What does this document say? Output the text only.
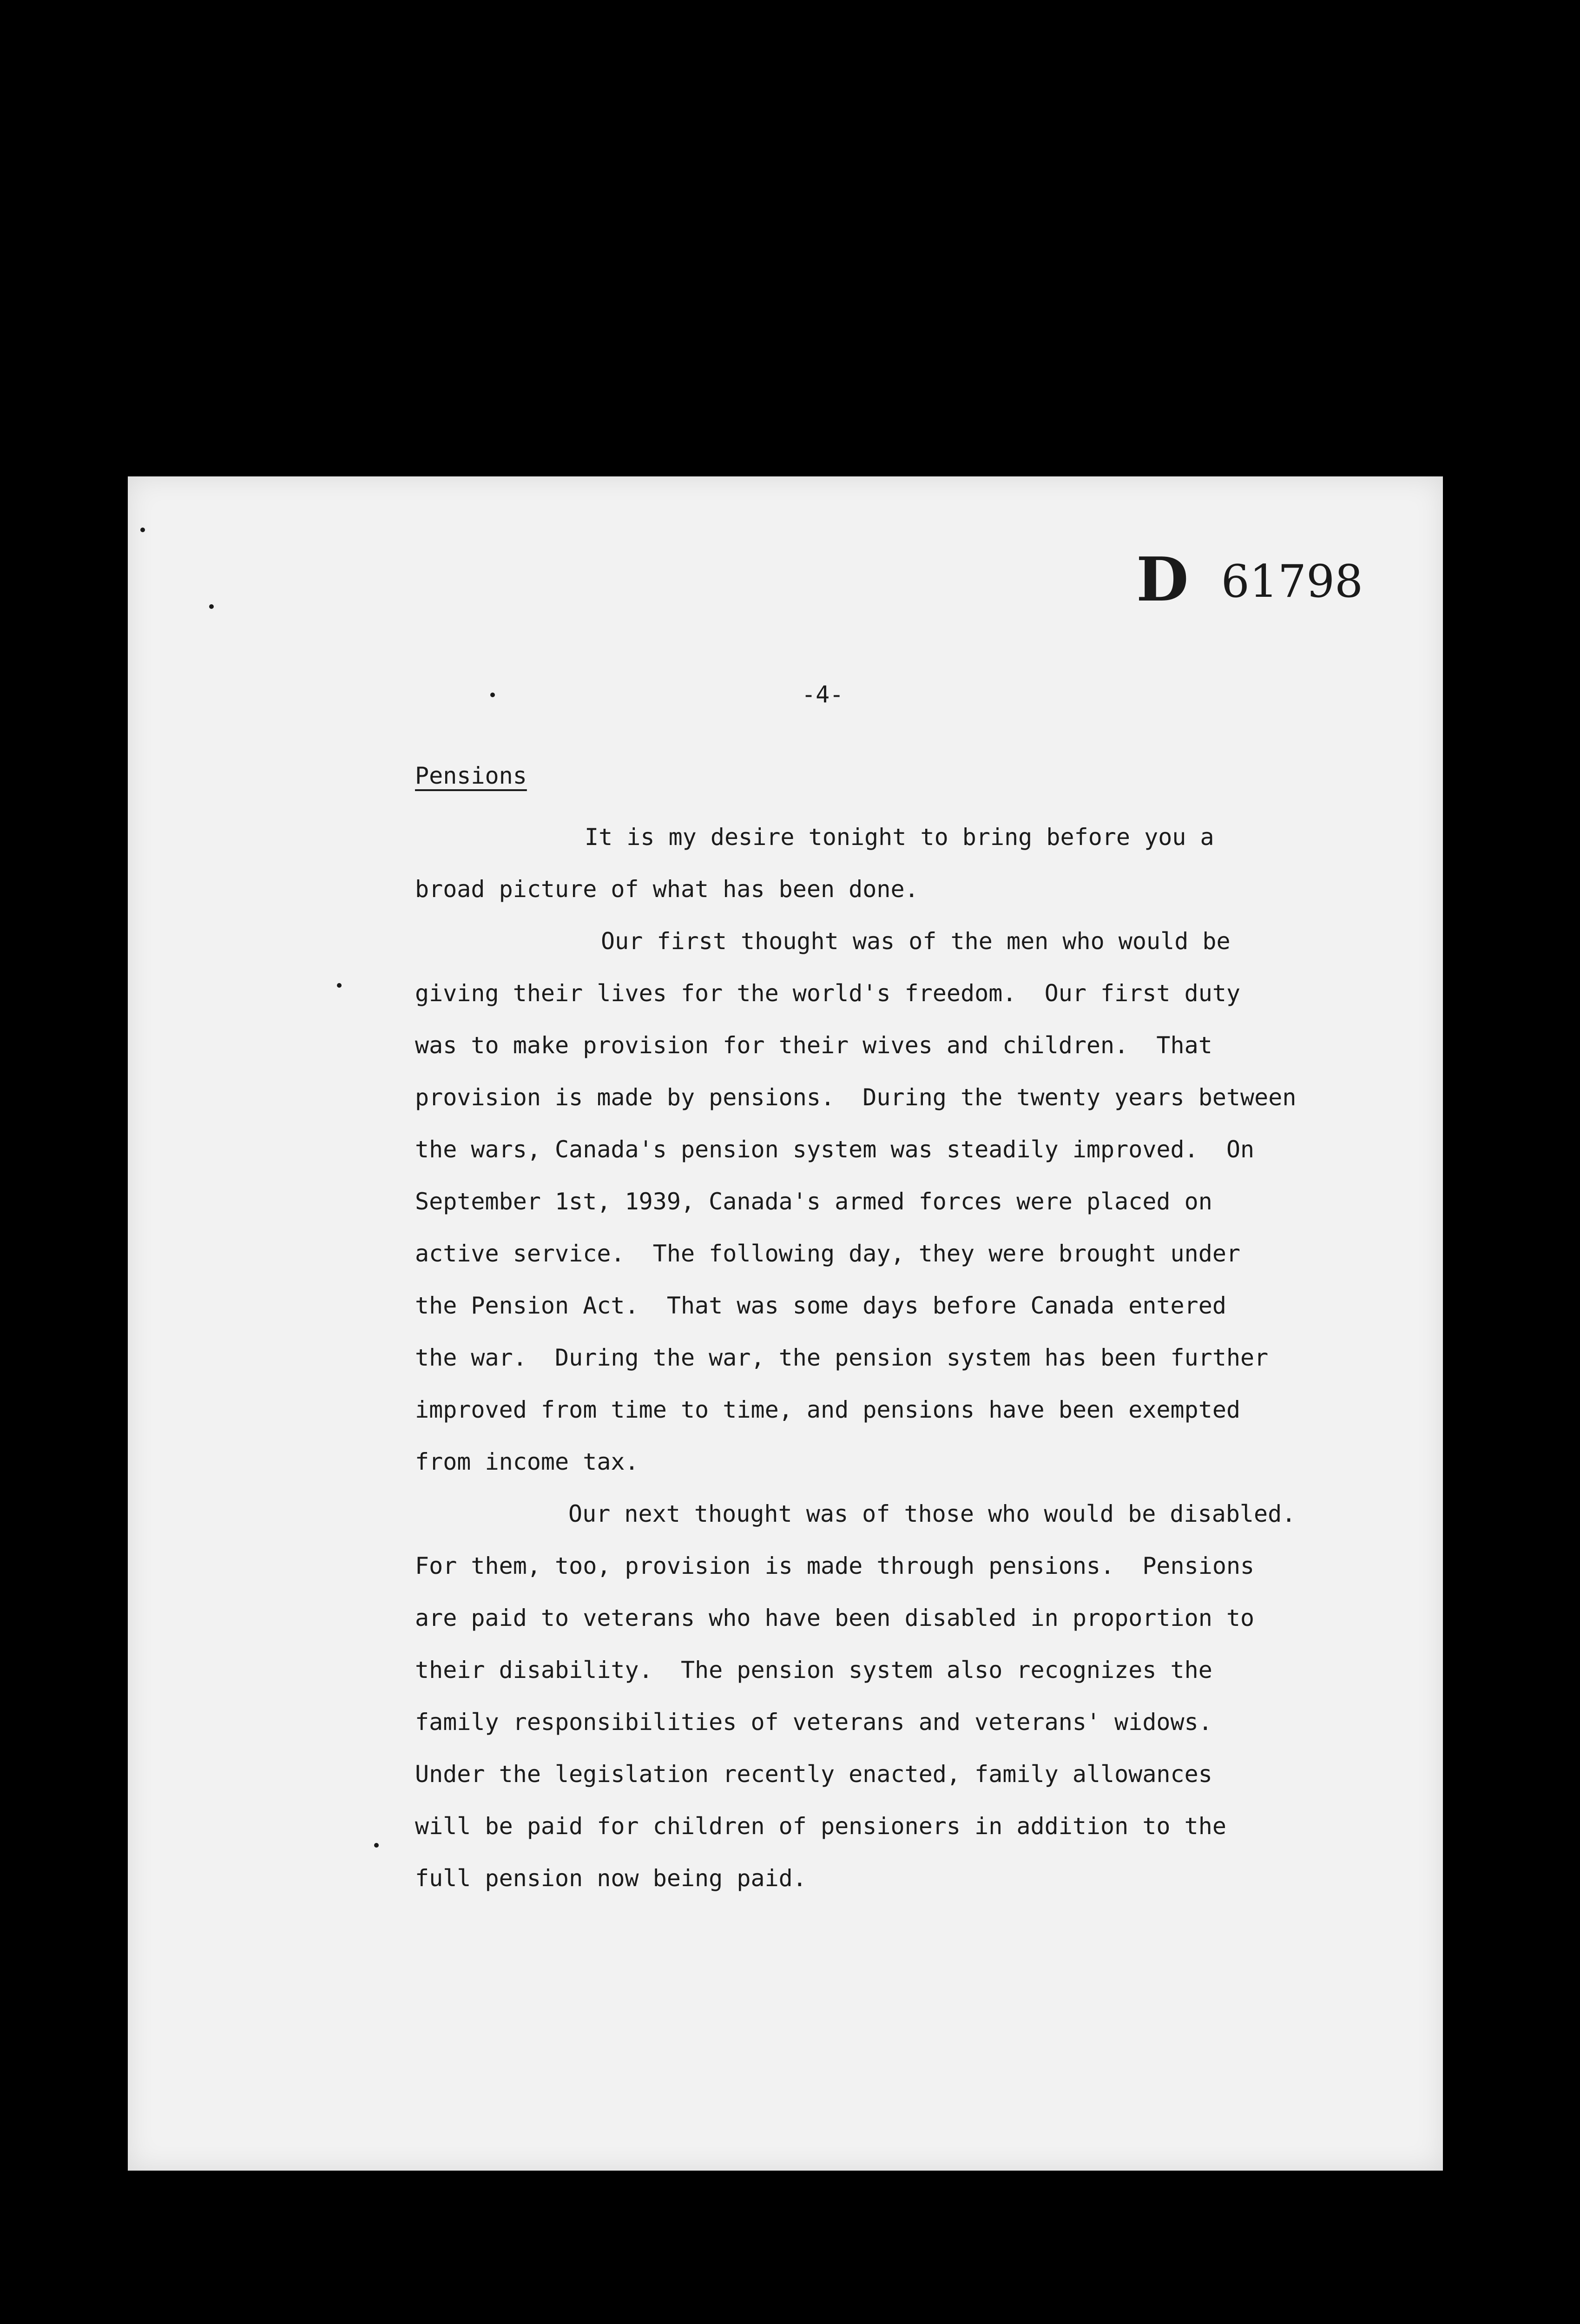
D 61798
-4-
Pensions
It is my desire tonight to bring before you a
broad picture of what has been done.
Our first thought was of the men who would be
giving their lives for the world's freedom.  Our first duty
was to make provision for their wives and children.  That
provision is made by pensions.  During the twenty years between
the wars, Canada's pension system was steadily improved.  On
September 1st, 1939, Canada's armed forces were placed on
active service.  The following day, they were brought under
the Pension Act.  That was some days before Canada entered
the war.  During the war, the pension system has been further
improved from time to time, and pensions have been exempted
from income tax.
Our next thought was of those who would be disabled.
For them, too, provision is made through pensions.  Pensions
are paid to veterans who have been disabled in proportion to
their disability.  The pension system also recognizes the
family responsibilities of veterans and veterans' widows.
Under the legislation recently enacted, family allowances
will be paid for children of pensioners in addition to the
full pension now being paid.
